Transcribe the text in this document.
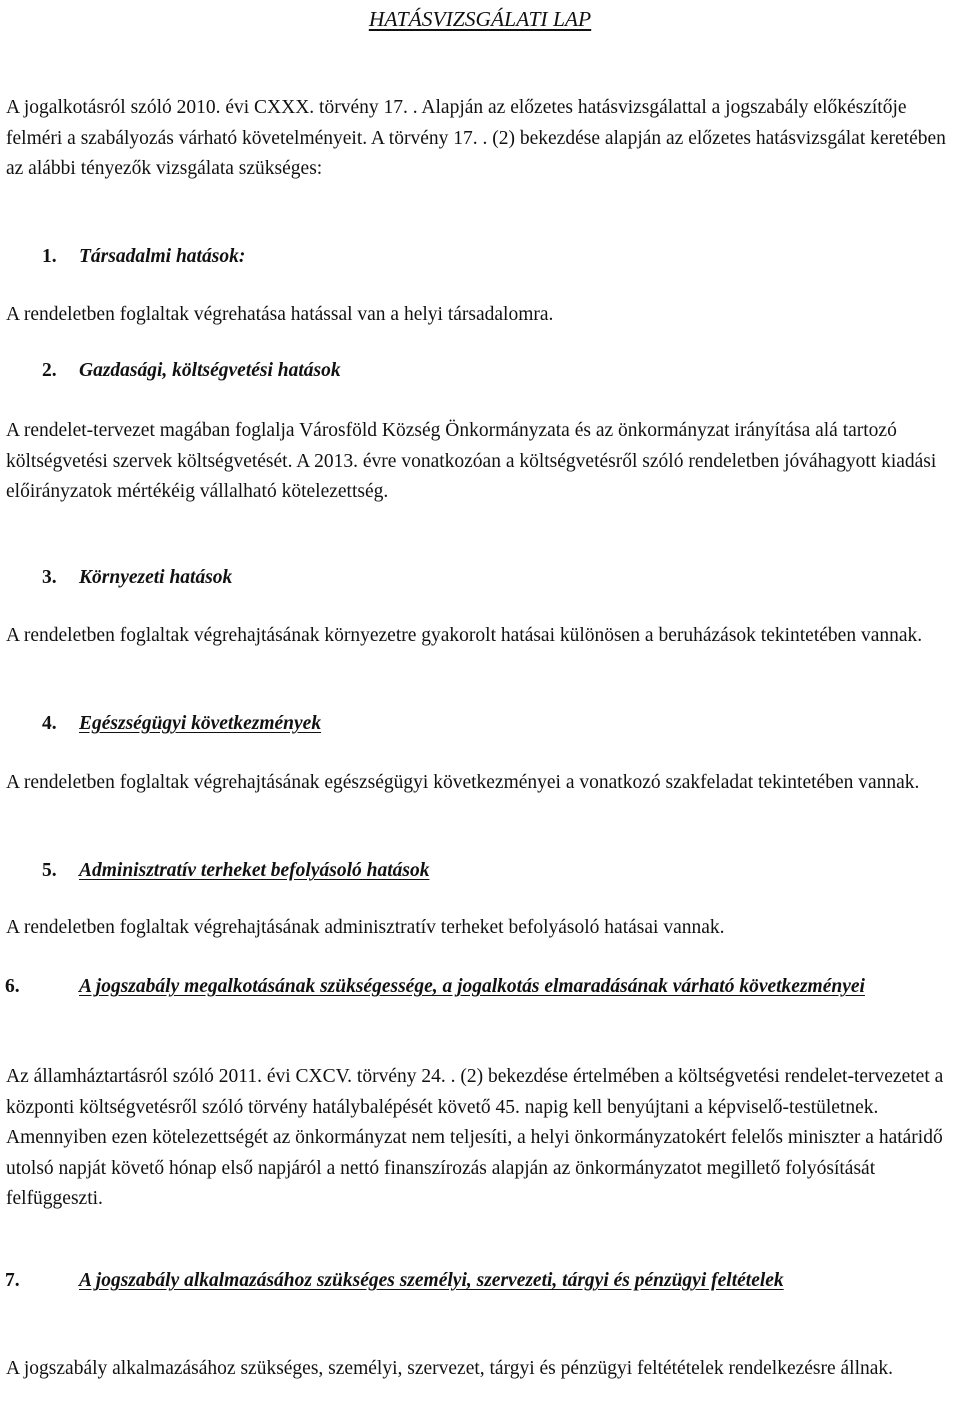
HATÁSVIZSGÁLATI LAP

A jogalkotásról szóló 2010. évi CXXX. törvény 17. . Alapján az előzetes hatásvizsgálattal a jogszabály előkészítője felméri a szabályozás várható követelményeit. A törvény 17. . (2) bekezdése alapján az előzetes hatásvizsgálat keretében az alábbi tényezők vizsgálata szükséges:

1. Társadalmi hatások:

A rendeletben foglaltak végrehatása hatással van a helyi társadalomra.

2. Gazdasági, költségvetési hatások

A rendelet-tervezet magában foglalja Városföld Község Önkormányzata és az önkormányzat irányítása alá tartozó költségvetési szervek költségvetését. A 2013. évre vonatkozóan a költségvetésről szóló rendeletben jóváhagyott kiadási előirányzatok mértékéig vállalható kötelezettség.

3. Környezeti hatások

A rendeletben foglaltak végrehajtásának környezetre gyakorolt hatásai különösen a beruházások tekintetében vannak.

4. Egészségügyi következmények

A rendeletben foglaltak végrehajtásának egészségügyi következményei a vonatkozó szakfeladat tekintetében vannak.

5. Adminisztratív terheket befolyásoló hatások

A rendeletben foglaltak végrehajtásának adminisztratív terheket befolyásoló hatásai vannak.

6.	A jogszabály megalkotásának szükségessége, a jogalkotás elmaradásának várható következményei

Az államháztartásról szóló 2011. évi CXCV. törvény 24. . (2) bekezdése értelmében a költségvetési rendelet-tervezetet a központi költségvetésről szóló törvény hatálybalépését követő 45. napig kell benyújtani a képviselő-testületnek. Amennyiben ezen kötelezettségét az önkormányzat nem teljesíti, a helyi önkormányzatokért felelős miniszter a határidő utolsó napját követő hónap első napjáról a nettó finanszírozás alapján az önkormányzatot megillető folyósítását felfüggeszti.

7.	A jogszabály alkalmazásához szükséges személyi, szervezeti, tárgyi és pénzügyi feltételek

A jogszabály alkalmazásához szükséges, személyi, szervezet, tárgyi és pénzügyi feltétételek rendelkezésre állnak.
